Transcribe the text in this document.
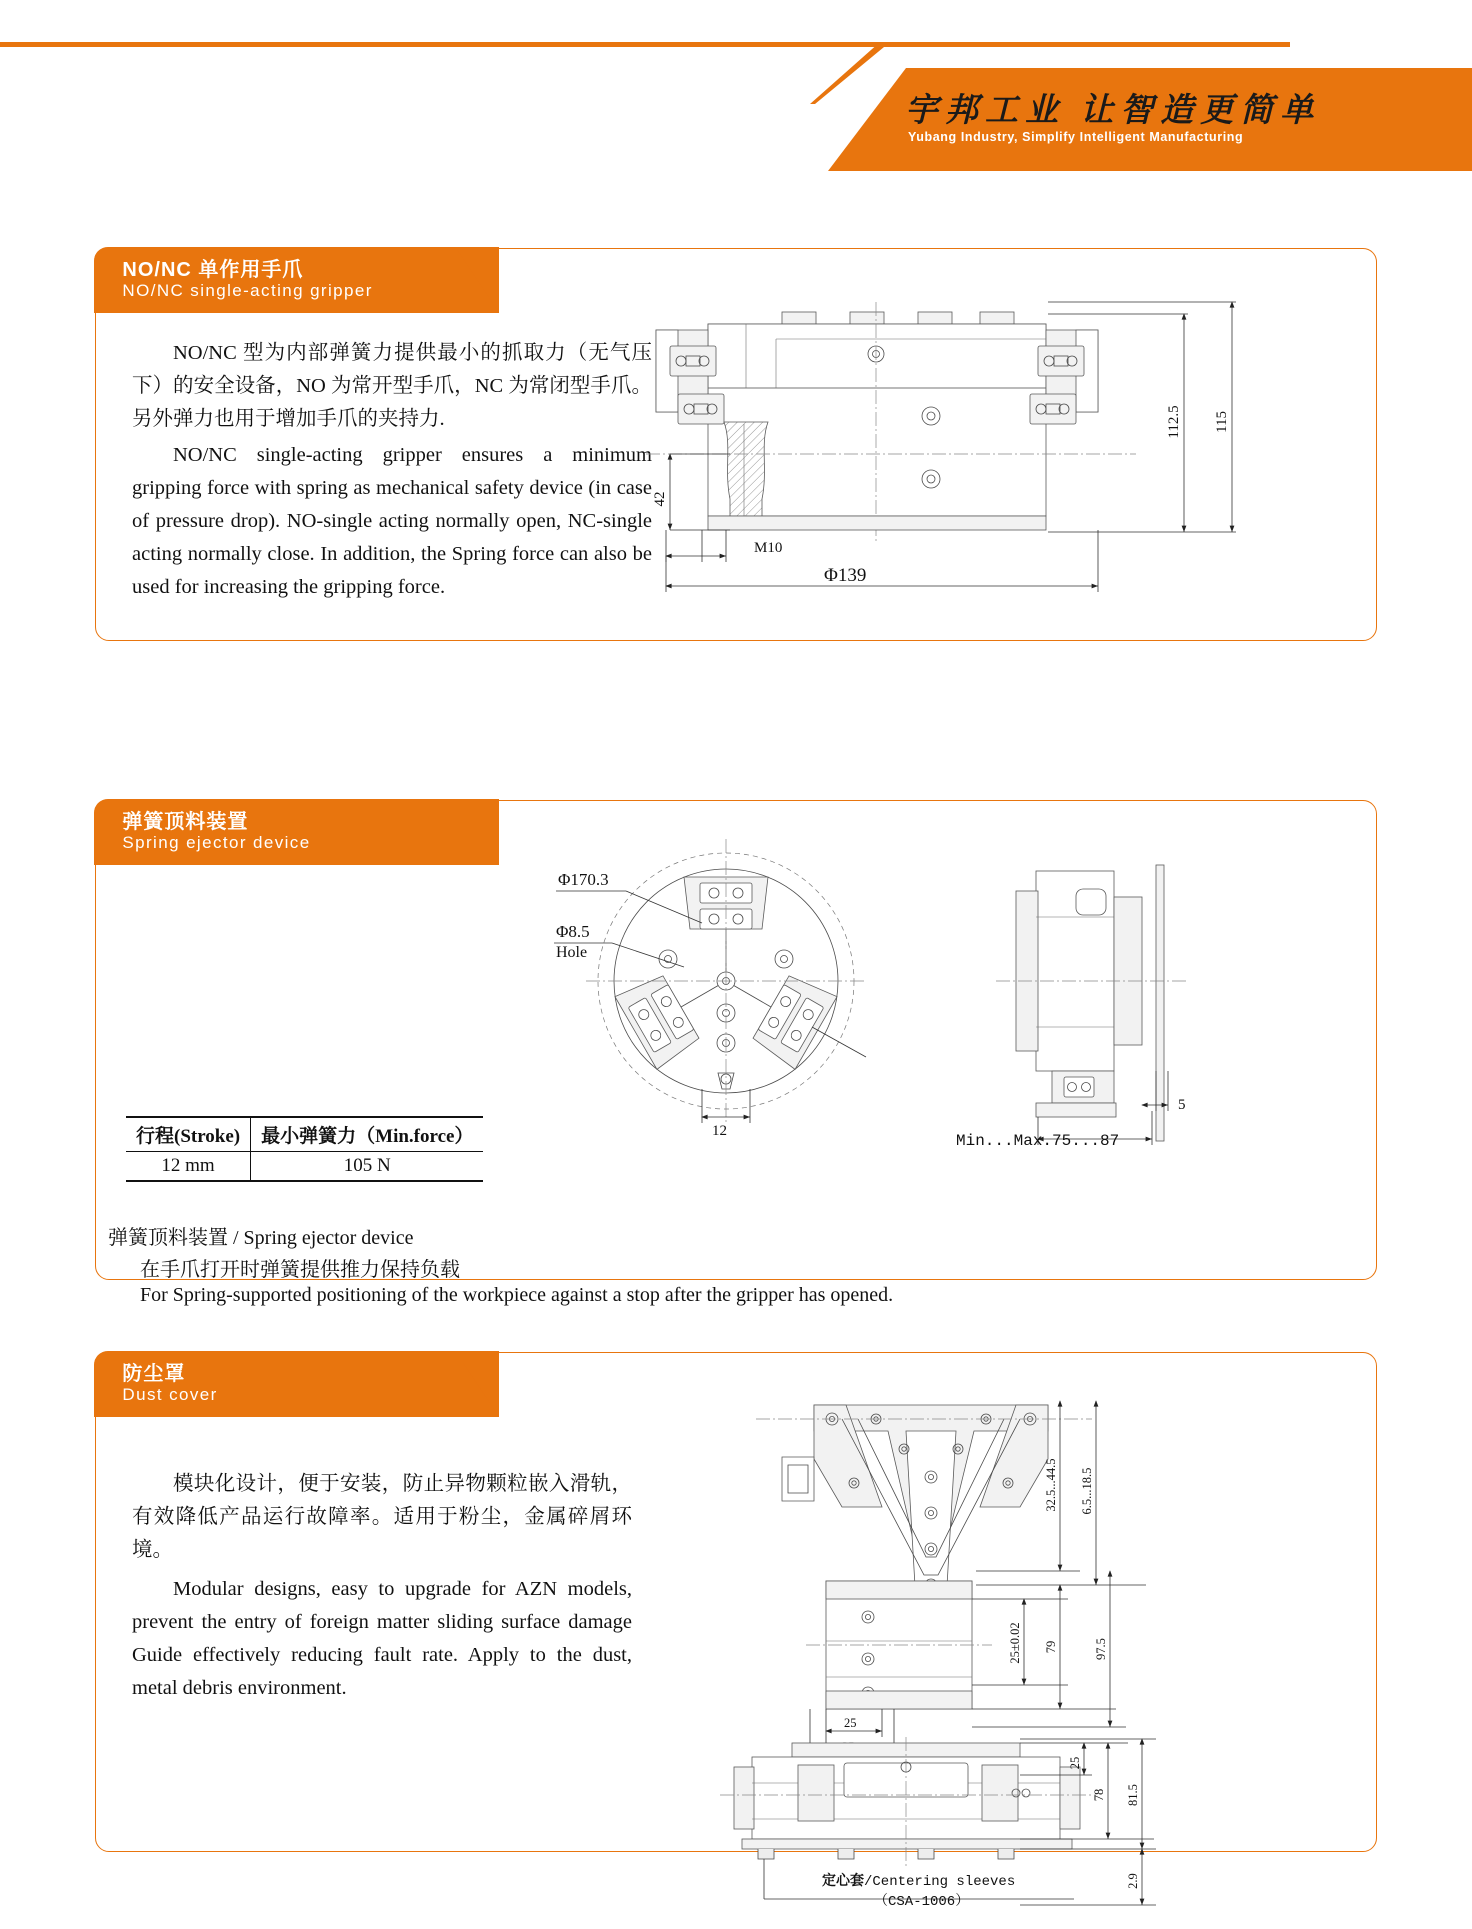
宇邦工业 让智造更简单
Yubang Industry, Simplify Intelligent Manufacturing
NO/NC 单作用手爪
NO/NC single-acting gripper
NO/NC 型为内部弹簧力提供最小的抓取力（无气压下）的安全设备，NO 为常开型手爪，NC 为常闭型手爪。另外弹力也用于增加手爪的夹持力.
NO/NC single-acting gripper ensures a minimum gripping force with spring as mechanical safety device (in case of pressure drop). NO-single acting normally open, NC-single acting normally close. In addition, the Spring force can also be used for increasing the gripping force.
42
112.5 115
M10
Φ139
弹簧顶料装置
Spring ejector device
行程(Stroke)	最小弹簧力（Min.force）
12 mm	105 N
弹簧顶料装置 / Spring ejector device
在手爪打开时弹簧提供推力保持负载
For Spring-supported positioning of the workpiece against a stop after the gripper has opened.
Φ170.3
Φ8.5
Hole
12
5
Min...Max.75...87
防尘罩
Dust cover
模块化设计，便于安装，防止异物颗粒嵌入滑轨，有效降低产品运行故障率。适用于粉尘，金属碎屑环境。
Modular designs, easy to upgrade for AZN models, prevent the entry of foreign matter sliding surface damage Guide effectively reducing fault rate. Apply to the dust, metal debris environment.
32.5...44.5 6.5...18.5
25±0.02 79	97.5
25
定心套/Centering sleeves
（CSA-1006）
25
78 81.5
2.9
